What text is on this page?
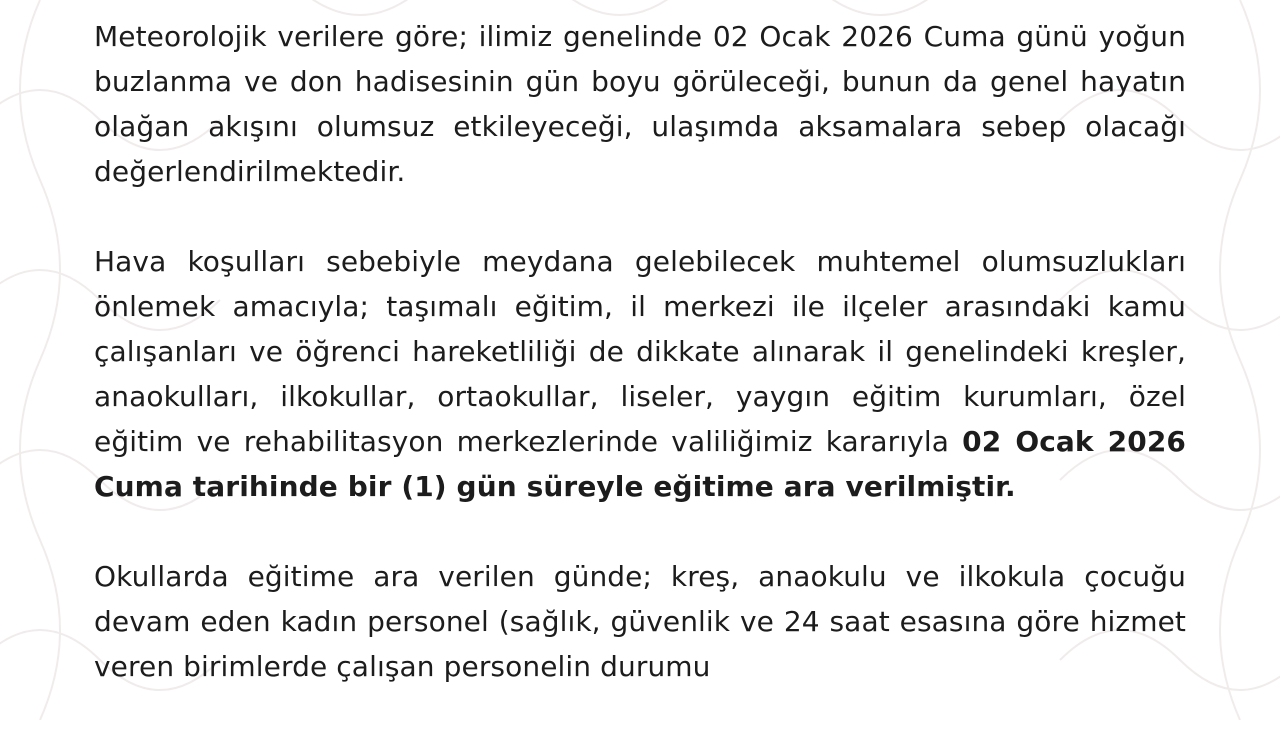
Meteorolojik verilere göre; ilimiz genelinde 02 Ocak 2026 Cuma günü yoğun buzlanma ve don hadisesinin gün boyu görüleceği, bunun da genel hayatın olağan akışını olumsuz etkileyeceği, ulaşımda aksamalara sebep olacağı değerlendirilmektedir.

Hava koşulları sebebiyle meydana gelebilecek muhtemel olumsuzlukları önlemek amacıyla; taşımalı eğitim, il merkezi ile ilçeler arasındaki kamu çalışanları ve öğrenci hareketliliği de dikkate alınarak il genelindeki kreşler, anaokulları, ilkokullar, ortaokullar, liseler, yaygın eğitim kurumları, özel eğitim ve rehabilitasyon merkezlerinde valiliğimiz kararıyla 02 Ocak 2026 Cuma tarihinde bir (1) gün süreyle eğitime ara verilmiştir.

Okullarda eğitime ara verilen günde; kreş, anaokulu ve ilkokula çocuğu devam eden kadın personel (sağlık, güvenlik ve 24 saat esasına göre hizmet veren birimlerde çalışan personelin durumu
